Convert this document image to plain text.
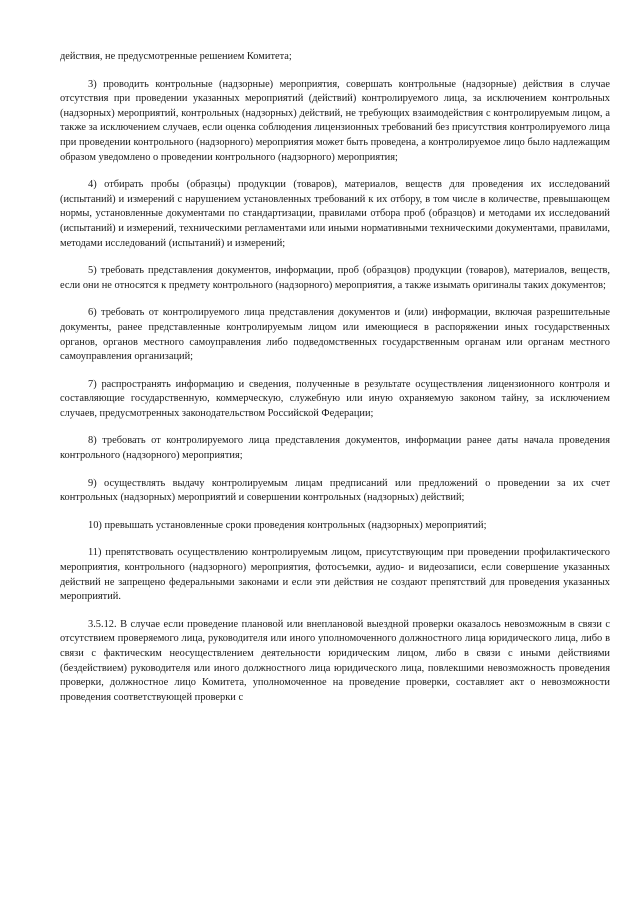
действия, не предусмотренные решением Комитета;

3) проводить контрольные (надзорные) мероприятия, совершать контрольные (надзорные) действия в случае отсутствия при проведении указанных мероприятий (действий) контролируемого лица, за исключением контрольных (надзорных) мероприятий, контрольных (надзорных) действий, не требующих взаимодействия с контролируемым лицом, а также за исключением случаев, если оценка соблюдения лицензионных требований без присутствия контролируемого лица при проведении контрольного (надзорного) мероприятия может быть проведена, а контролируемое лицо было надлежащим образом уведомлено о проведении контрольного (надзорного) мероприятия;

4) отбирать пробы (образцы) продукции (товаров), материалов, веществ для проведения их исследований (испытаний) и измерений с нарушением установленных требований к их отбору, в том числе в количестве, превышающем нормы, установленные документами по стандартизации, правилами отбора проб (образцов) и методами их исследований (испытаний) и измерений, техническими регламентами или иными нормативными техническими документами, правилами, методами исследований (испытаний) и измерений;

5) требовать представления документов, информации, проб (образцов) продукции (товаров), материалов, веществ, если они не относятся к предмету контрольного (надзорного) мероприятия, а также изымать оригиналы таких документов;

6) требовать от контролируемого лица представления документов и (или) информации, включая разрешительные документы, ранее представленные контролируемым лицом или имеющиеся в распоряжении иных государственных органов, органов местного самоуправления либо подведомственных государственным органам или органам местного самоуправления организаций;

7) распространять информацию и сведения, полученные в результате осуществления лицензионного контроля и составляющие государственную, коммерческую, служебную или иную охраняемую законом тайну, за исключением случаев, предусмотренных законодательством Российской Федерации;

8) требовать от контролируемого лица представления документов, информации ранее даты начала проведения контрольного (надзорного) мероприятия;

9) осуществлять выдачу контролируемым лицам предписаний или предложений о проведении за их счет контрольных (надзорных) мероприятий и совершении контрольных (надзорных) действий;

10) превышать установленные сроки проведения контрольных (надзорных) мероприятий;

11) препятствовать осуществлению контролируемым лицом, присутствующим при проведении профилактического мероприятия, контрольного (надзорного) мероприятия, фотосъемки, аудио- и видеозаписи, если совершение указанных действий не запрещено федеральными законами и если эти действия не создают препятствий для проведения указанных мероприятий.

3.5.12. В случае если проведение плановой или внеплановой выездной проверки оказалось невозможным в связи с отсутствием проверяемого лица, руководителя или иного уполномоченного должностного лица юридического лица, либо в связи с фактическим неосуществлением деятельности юридическим лицом, либо в связи с иными действиями (бездействием) руководителя или иного должностного лица юридического лица, повлекшими невозможность проведения проверки, должностное лицо Комитета, уполномоченное на проведение проверки, составляет акт о невозможности проведения соответствующей проверки с
